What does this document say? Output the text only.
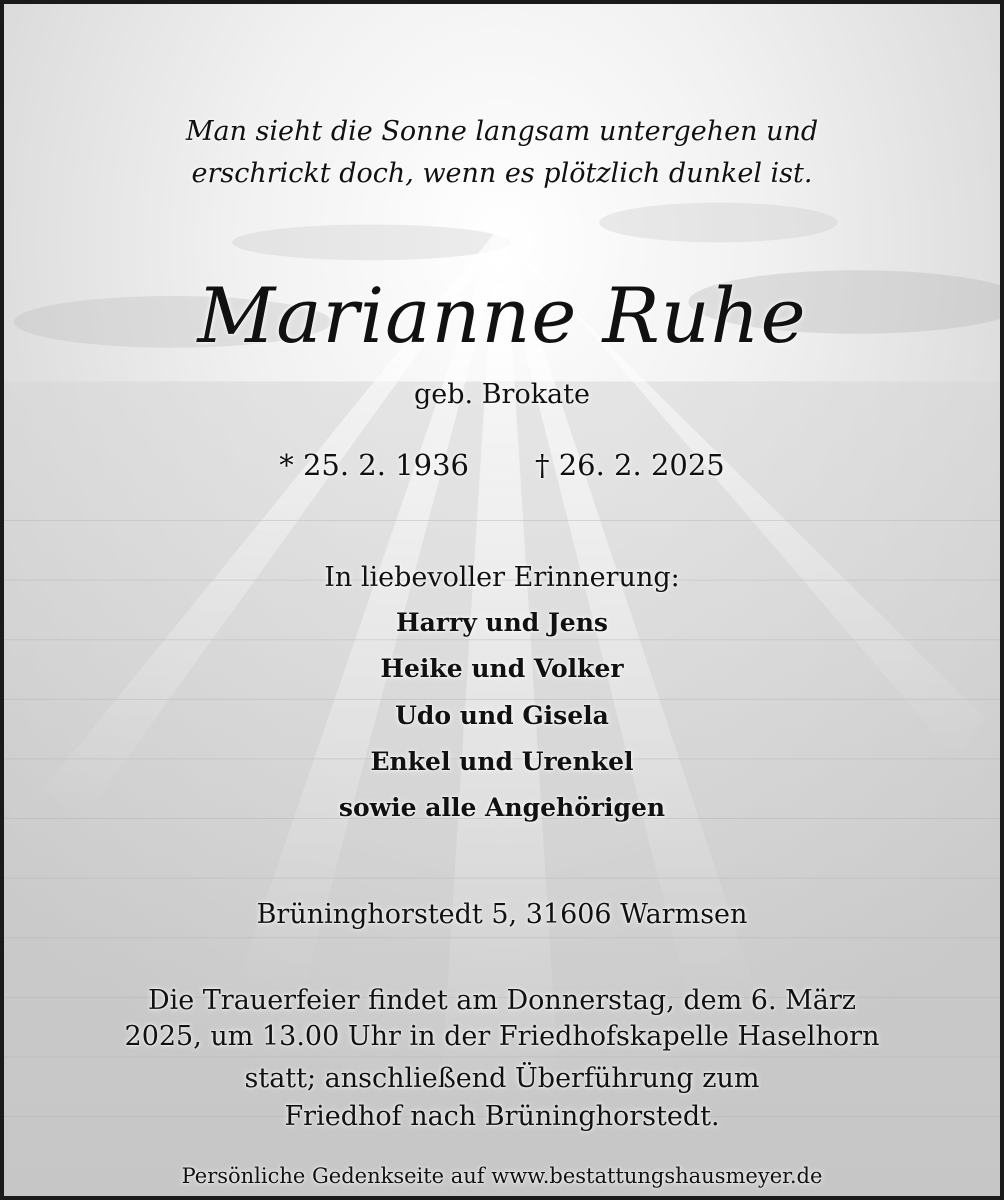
Man sieht die Sonne langsam untergehen und
erschrickt doch, wenn es plötzlich dunkel ist.
Marianne Ruhe
geb. Brokate
* 25. 2. 1936 † 26. 2. 2025
In liebevoller Erinnerung:
Harry und Jens
Heike und Volker
Udo und Gisela
Enkel und Urenkel
sowie alle Angehörigen
Brüninghorstedt 5, 31606 Warmsen
Die Trauerfeier findet am Donnerstag, dem 6. März
2025, um 13.00 Uhr in der Friedhofskapelle Haselhorn
statt; anschließend Überführung zum
Friedhof nach Brüninghorstedt.
Persönliche Gedenkseite auf www.bestattungshausmeyer.de
